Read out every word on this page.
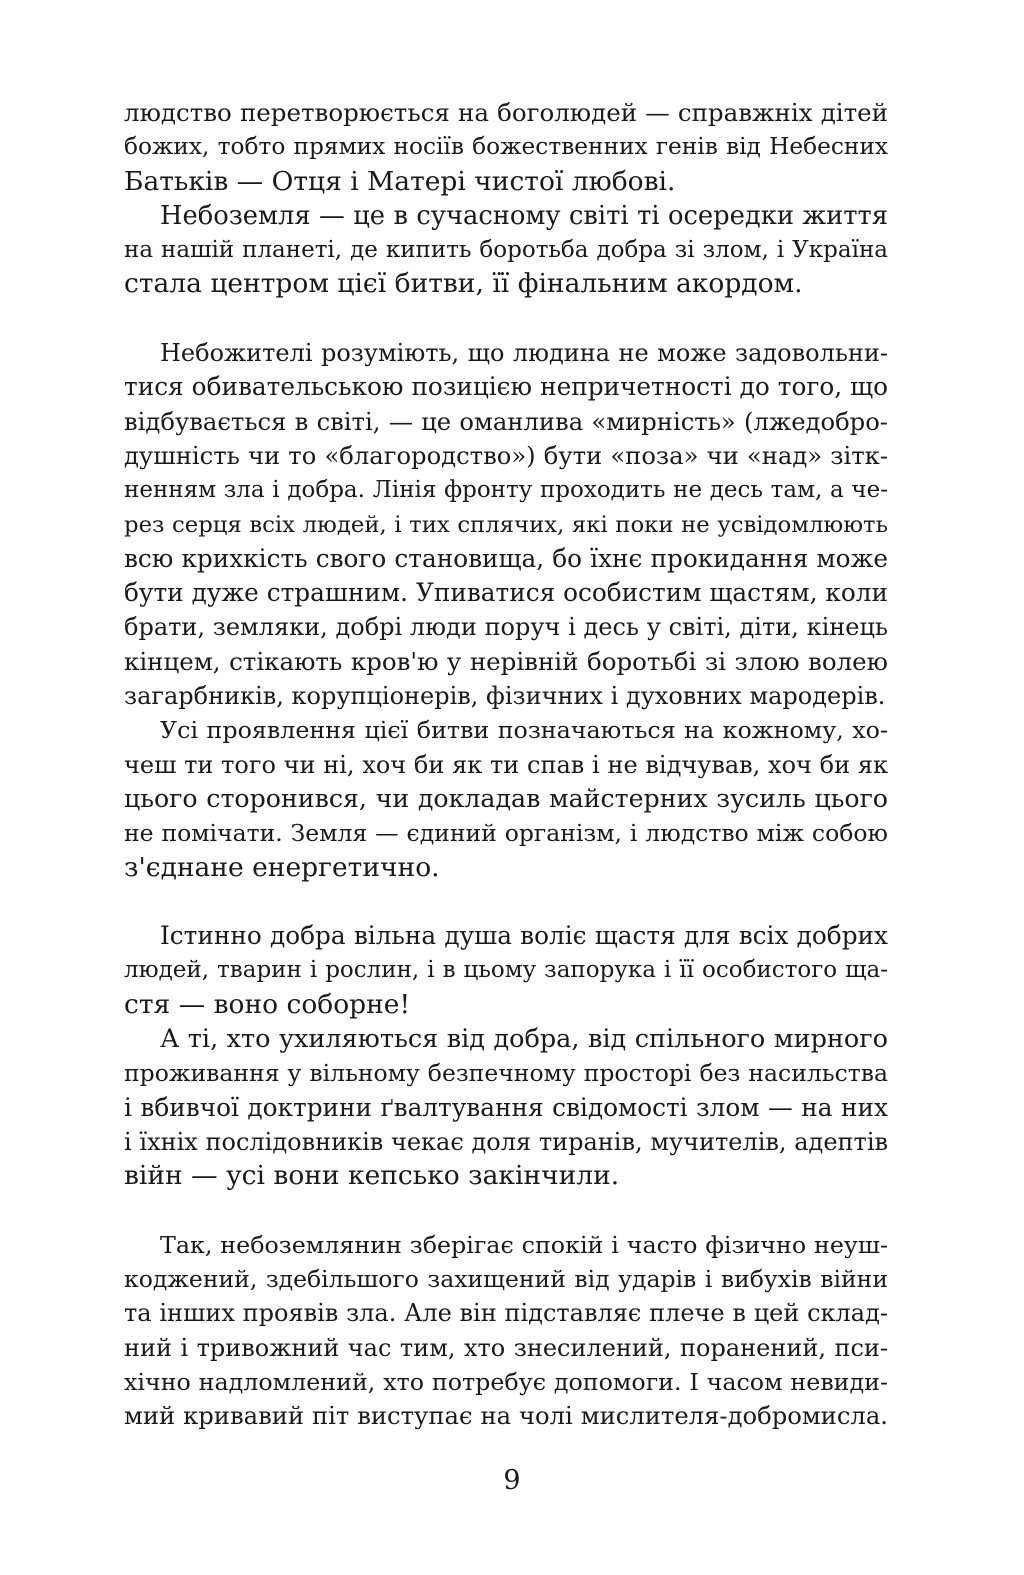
людство перетворюється на боголюдей — справжніх дітей
божих, тобто прямих носіїв божественних генів від Небесних
Батьків — Отця і Матері чистої любові.

Небоземля — це в сучасному світі ті осередки життя
на нашій планеті, де кипить боротьба добра зі злом, і Україна
стала центром цієї битви, її фінальним акордом.

Небожителі розуміють, що людина не може задовольни-
тися обивательською позицією непричетності до того, що
відбувається в світі, — це оманлива «мирність» (лжедобро-
душність чи то «благородство») бути «поза» чи «над» зітк-
ненням зла і добра. Лінія фронту проходить не десь там, а че-
рез серця всіх людей, і тих сплячих, які поки не усвідомлюють
всю крихкість свого становища, бо їхнє прокидання може
бути дуже страшним. Упиватися особистим щастям, коли
брати, земляки, добрі люди поруч і десь у світі, діти, кінець
кінцем, стікають кров'ю у нерівній боротьбі зі злою волею
загарбників, корупціонерів, фізичних і духовних мародерів.

Усі проявлення цієї битви позначаються на кожному, хо-
чеш ти того чи ні, хоч би як ти спав і не відчував, хоч би як
цього сторонився, чи докладав майстерних зусиль цього
не помічати. Земля — єдиний організм, і людство між собою
з'єднане енергетично.

Істинно добра вільна душа воліє щастя для всіх добрих
людей, тварин і рослин, і в цьому запорука і її особистого ща-
стя — воно соборне!

А ті, хто ухиляються від добра, від спільного мирного
проживання у вільному безпечному просторі без насильства
і вбивчої доктрини ґвалтування свідомості злом — на них
і їхніх послідовників чекає доля тиранів, мучителів, адептів
війн — усі вони кепсько закінчили.

Так, небоземлянин зберігає спокій і часто фізично неуш-
коджений, здебільшого захищений від ударів і вибухів війни
та інших проявів зла. Але він підставляє плече в цей склад-
ний і тривожний час тим, хто знесилений, поранений, пси-
хічно надломлений, хто потребує допомоги. І часом невиди-
мий кривавий піт виступає на чолі мислителя-добромисла.

9
